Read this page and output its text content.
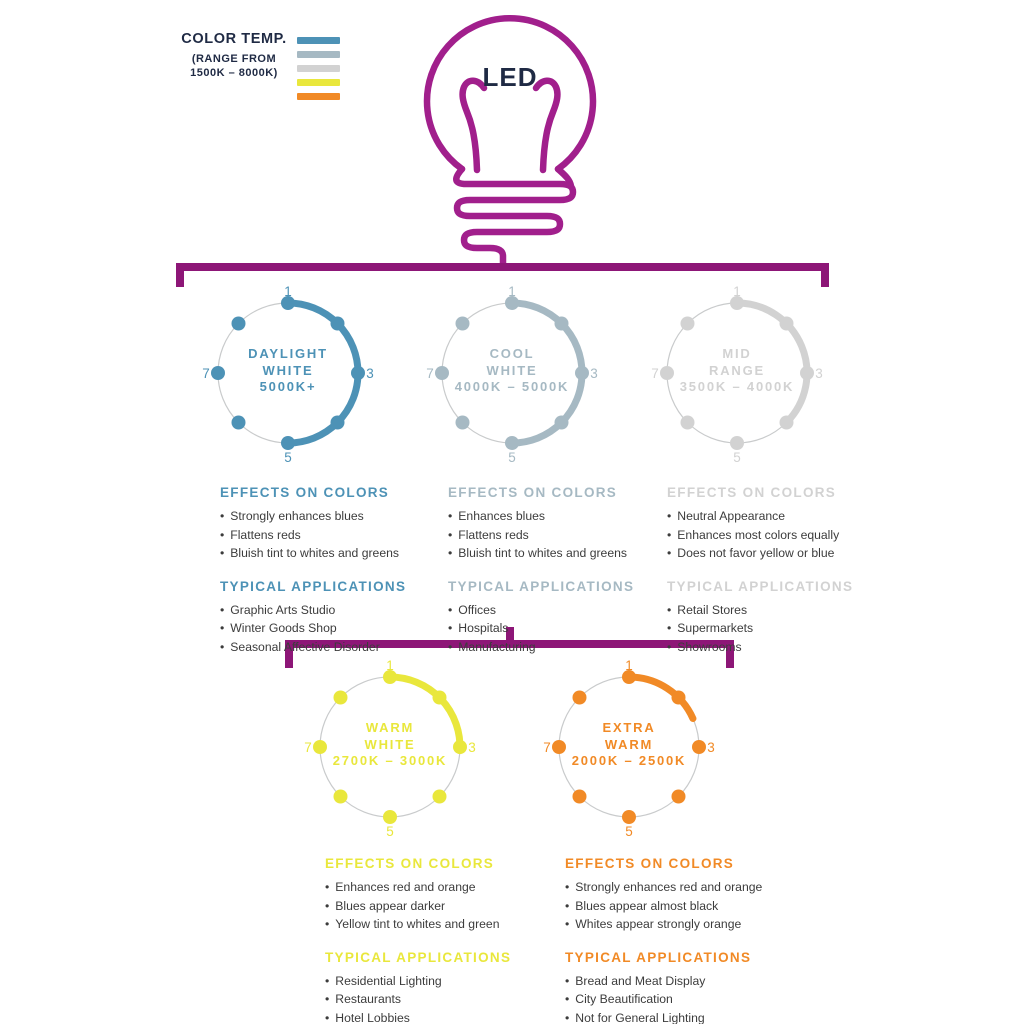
COLOR TEMP.
(RANGE FROM
1500K – 8000K)	LED
1
3
5
7
DAYLIGHT
WHITE
5000K+
1
3
5
7
COOL
WHITE
4000K – 5000K
1
3
5
7
MID
RANGE
3500K – 4000K
1
3
5
7
WARM
WHITE
2700K – 3000K
1
3
5
7
EXTRA
WARM
2000K – 2500K
EFFECTS ON COLORS
• Strongly enhances blues
• Flattens reds
• Bluish tint to whites and greens
TYPICAL APPLICATIONS
• Graphic Arts Studio
• Winter Goods Shop
• Seasonal Affective Disorder
EFFECTS ON COLORS
• Enhances blues
• Flattens reds
• Bluish tint to whites and greens
TYPICAL APPLICATIONS
• Offices
• Hospitals
• Manufacturing
EFFECTS ON COLORS
• Neutral Appearance
• Enhances most colors equally
• Does not favor yellow or blue
TYPICAL APPLICATIONS
• Retail Stores
• Supermarkets
• Showrooms
EFFECTS ON COLORS
• Enhances red and orange
• Blues appear darker
• Yellow tint to whites and green
TYPICAL APPLICATIONS
• Residential Lighting
• Restaurants
• Hotel Lobbies
EFFECTS ON COLORS
• Strongly enhances red and orange
• Blues appear almost black
• Whites appear strongly orange
TYPICAL APPLICATIONS
• Bread and Meat Display
• City Beautification
• Not for General Lighting
